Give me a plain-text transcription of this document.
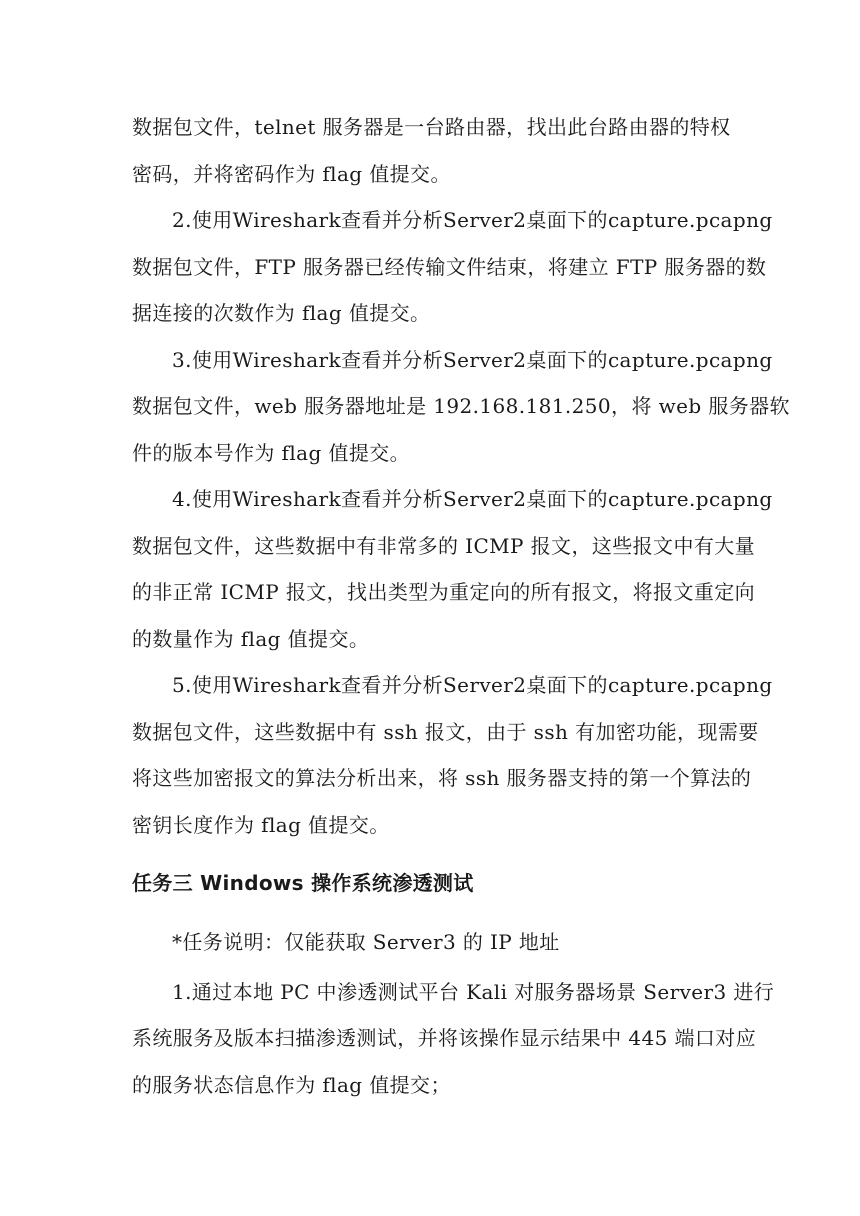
数据包文件，telnet 服务器是一台路由器，找出此台路由器的特权
密码，并将密码作为 flag 值提交。
2.使用Wireshark查看并分析Server2桌面下的capture.pcapng
数据包文件，FTP 服务器已经传输文件结束，将建立 FTP 服务器的数
据连接的次数作为 flag 值提交。
3.使用Wireshark查看并分析Server2桌面下的capture.pcapng
数据包文件，web 服务器地址是 192.168.181.250，将 web 服务器软
件的版本号作为 flag 值提交。
4.使用Wireshark查看并分析Server2桌面下的capture.pcapng
数据包文件，这些数据中有非常多的 ICMP 报文，这些报文中有大量
的非正常 ICMP 报文，找出类型为重定向的所有报文，将报文重定向
的数量作为 flag 值提交。
5.使用Wireshark查看并分析Server2桌面下的capture.pcapng
数据包文件，这些数据中有 ssh 报文，由于 ssh 有加密功能，现需要
将这些加密报文的算法分析出来，将 ssh 服务器支持的第一个算法的
密钥长度作为 flag 值提交。
任务三 Windows 操作系统渗透测试
*任务说明：仅能获取 Server3 的 IP 地址
1.通过本地 PC 中渗透测试平台 Kali 对服务器场景 Server3 进行
系统服务及版本扫描渗透测试，并将该操作显示结果中 445 端口对应
的服务状态信息作为 flag 值提交；
